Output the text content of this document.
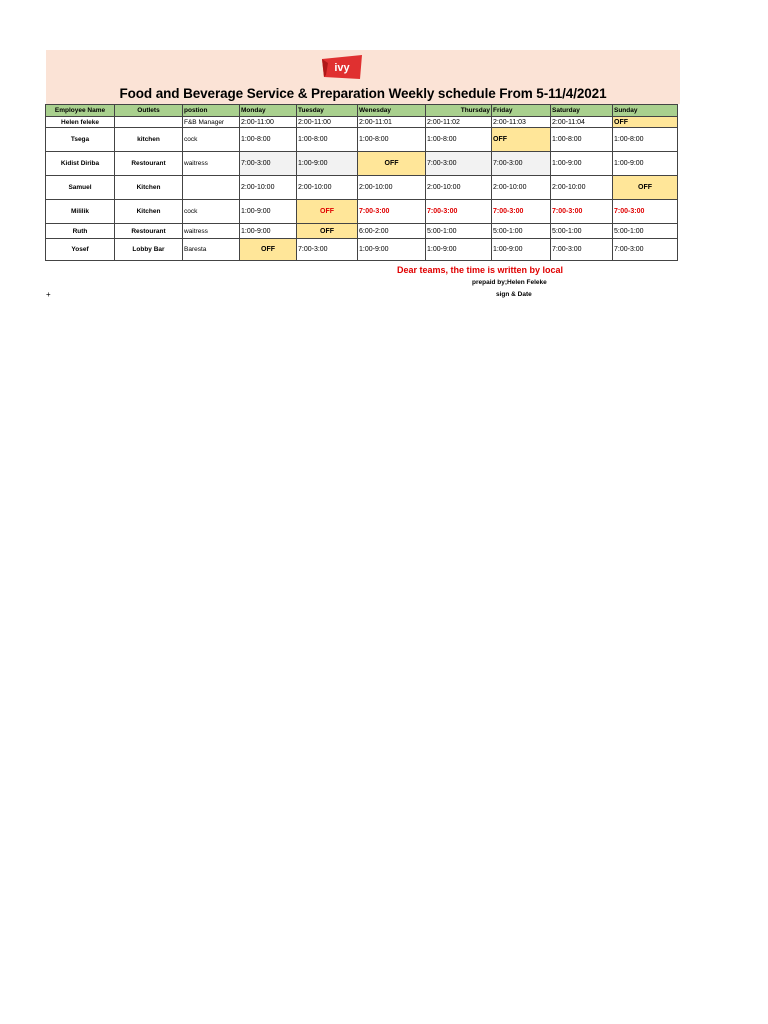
ivy
Food and Beverage Service & Preparation Weekly schedule From 5-11/4/2021
Employee Name	Outlets	postion	Monday	Tuesday	Wenesday	Thursday	Friday	Saturday	Sunday
Helen feleke		F&B Manager	2:00-11:00	2:00-11:00	2:00-11:01	2:00-11:02	2:00-11:03	2:00-11:04	OFF
Tsega	kitchen	cock	1:00-8:00	1:00-8:00	1:00-8:00	1:00-8:00	OFF	1:00-8:00	1:00-8:00
Kidist Diriba	Restourant	waitress	7:00-3:00	1:00-9:00	OFF	7:00-3:00	7:00-3:00	1:00-9:00	1:00-9:00
Samuel	Kitchen		2:00-10:00	2:00-10:00	2:00-10:00	2:00-10:00	2:00-10:00	2:00-10:00	OFF
Mililik	Kitchen	cock	1:00-9:00	OFF	7:00-3:00	7:00-3:00	7:00-3:00	7:00-3:00	7:00-3:00
Ruth	Restourant	waitress	1:00-9:00	OFF	6:00-2:00	5:00-1:00	5:00-1:00	5:00-1:00	5:00-1:00
Yosef	Lobby Bar	Baresta	OFF	7:00-3:00	1:00-9:00	1:00-9:00	1:00-9:00	7:00-3:00	7:00-3:00
Dear teams, the time is written by local
prepaid by;Helen Feleke
sign & Date
+
